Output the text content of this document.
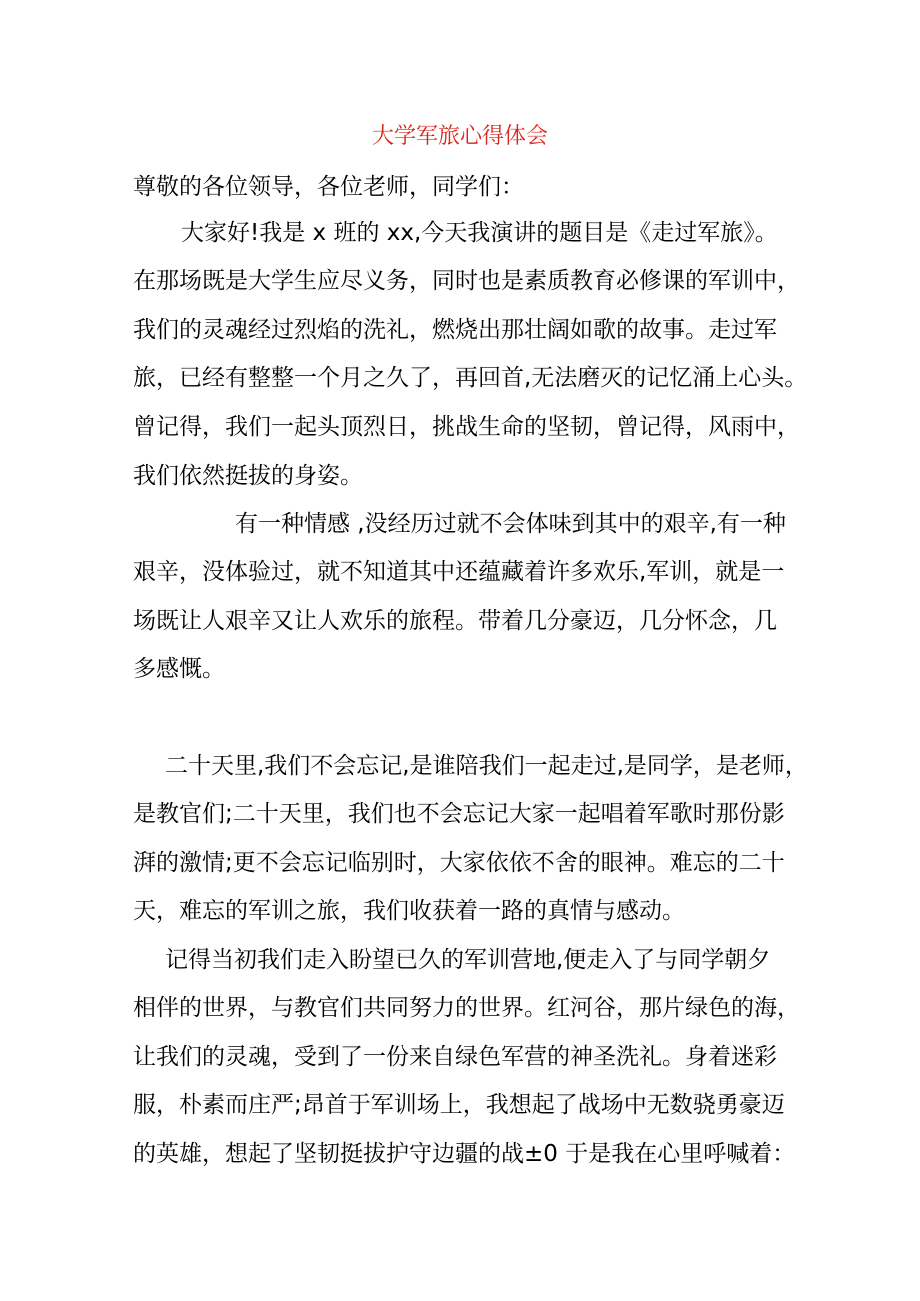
大学军旅心得体会

尊敬的各位领导，各位老师，同学们：

大家好!我是 x 班的 xx,今天我演讲的题目是《走过军旅》。

在那场既是大学生应尽义务，同时也是素质教育必修课的军训中，

我们的灵魂经过烈焰的洗礼，燃烧出那壮阔如歌的故事。走过军

旅，已经有整整一个月之久了，再回首,无法磨灭的记忆涌上心头。

曾记得，我们一起头顶烈日，挑战生命的坚韧，曾记得，风雨中，

我们依然挺拔的身姿。

有一种情感 ,没经历过就不会体味到其中的艰辛,有一种

艰辛，没体验过，就不知道其中还蕴藏着许多欢乐,军训，就是一

场既让人艰辛又让人欢乐的旅程。带着几分豪迈，几分怀念，几

多感慨。

二十天里,我们不会忘记,是谁陪我们一起走过,是同学，是老师，

是教官们;二十天里，我们也不会忘记大家一起唱着军歌时那份影

湃的激情;更不会忘记临别时，大家依依不舍的眼神。难忘的二十

天，难忘的军训之旅，我们收获着一路的真情与感动。

记得当初我们走入盼望已久的军训营地,便走入了与同学朝夕

相伴的世界，与教官们共同努力的世界。红河谷，那片绿色的海，

让我们的灵魂，受到了一份来自绿色军营的神圣洗礼。身着迷彩

服，朴素而庄严;昂首于军训场上，我想起了战场中无数骁勇豪迈

的英雄，想起了坚韧挺拔护守边疆的战±0 于是我在心里呼喊着：
